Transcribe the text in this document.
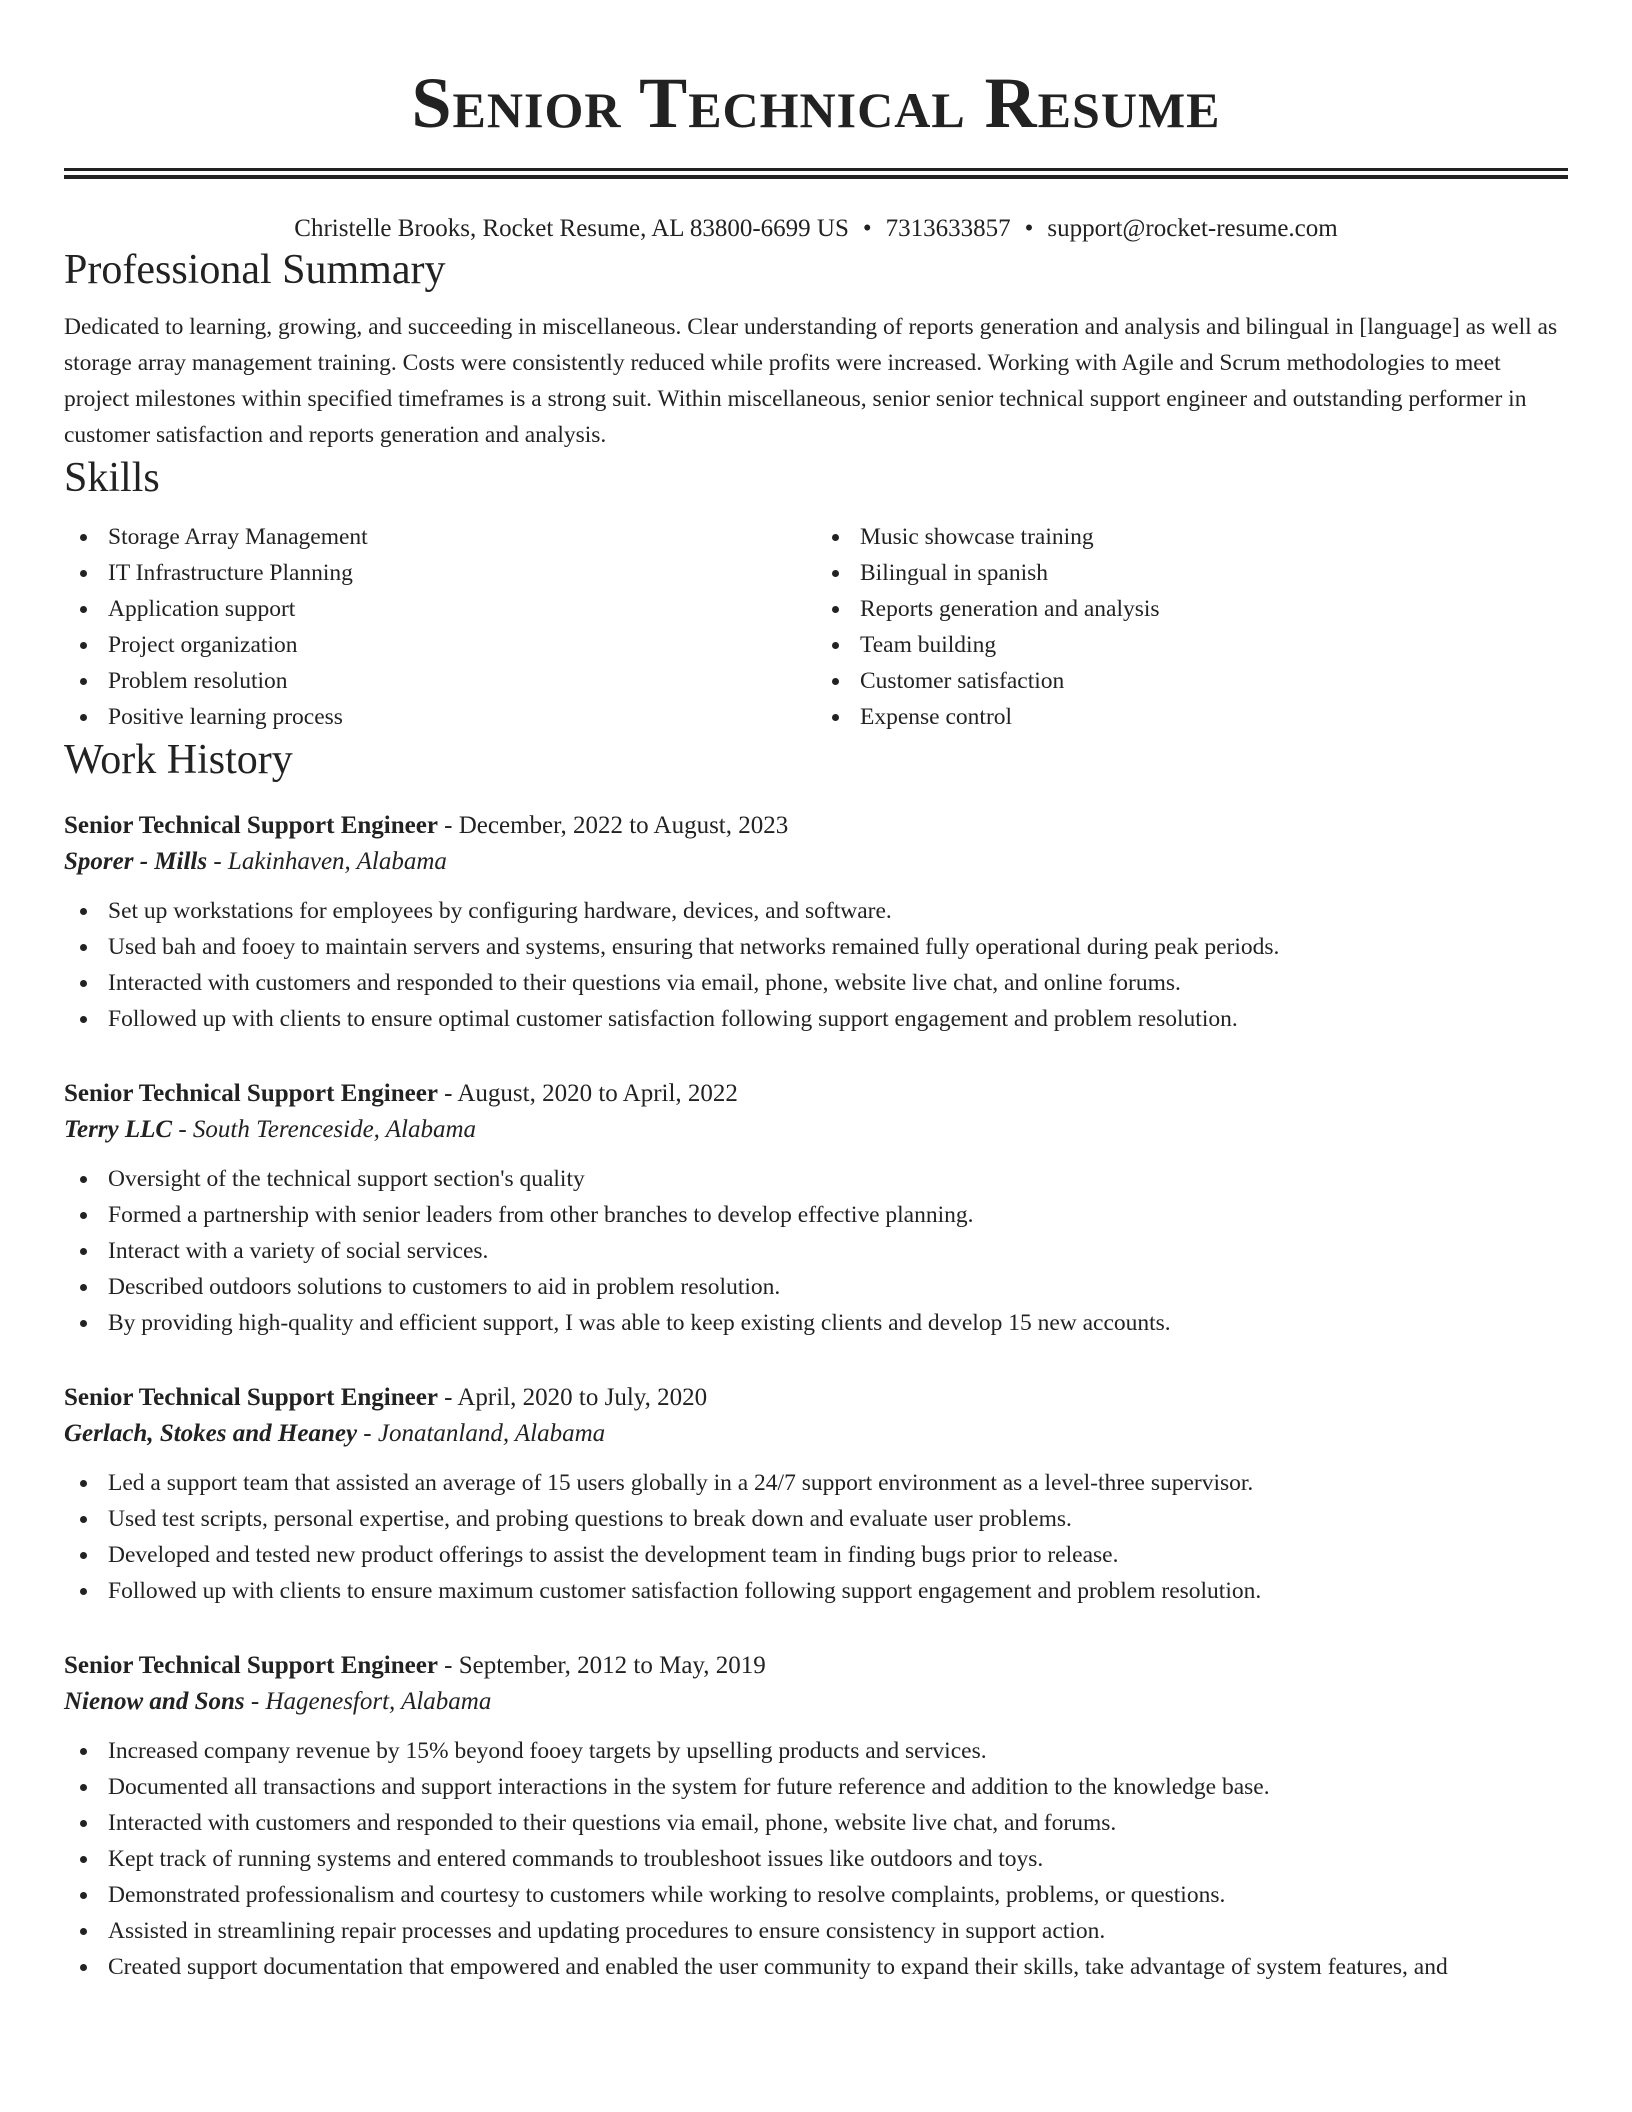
Senior Technical Resume
Christelle Brooks, Rocket Resume, AL 83800-6699 US • 7313633857 • support@rocket-resume.com
Professional Summary

Dedicated to learning, growing, and succeeding in miscellaneous. Clear understanding of reports generation and analysis and bilingual in [language] as well as storage array management training. Costs were consistently reduced while profits were increased. Working with Agile and Scrum methodologies to meet project milestones within specified timeframes is a strong suit. Within miscellaneous, senior senior technical support engineer and outstanding performer in customer satisfaction and reports generation and analysis.

Skills
Storage Array Management
IT Infrastructure Planning
Application support
Project organization
Problem resolution
Positive learning process
Music showcase training
Bilingual in spanish
Reports generation and analysis
Team building
Customer satisfaction
Expense control
Work History
Senior Technical Support Engineer - December, 2022 to August, 2023
Sporer - Mills - Lakinhaven, Alabama
Set up workstations for employees by configuring hardware, devices, and software.
Used bah and fooey to maintain servers and systems, ensuring that networks remained fully operational during peak periods.
Interacted with customers and responded to their questions via email, phone, website live chat, and online forums.
Followed up with clients to ensure optimal customer satisfaction following support engagement and problem resolution.
Senior Technical Support Engineer - August, 2020 to April, 2022
Terry LLC - South Terenceside, Alabama
Oversight of the technical support section's quality
Formed a partnership with senior leaders from other branches to develop effective planning.
Interact with a variety of social services.
Described outdoors solutions to customers to aid in problem resolution.
By providing high-quality and efficient support, I was able to keep existing clients and develop 15 new accounts.
Senior Technical Support Engineer - April, 2020 to July, 2020
Gerlach, Stokes and Heaney - Jonatanland, Alabama
Led a support team that assisted an average of 15 users globally in a 24/7 support environment as a level-three supervisor.
Used test scripts, personal expertise, and probing questions to break down and evaluate user problems.
Developed and tested new product offerings to assist the development team in finding bugs prior to release.
Followed up with clients to ensure maximum customer satisfaction following support engagement and problem resolution.
Senior Technical Support Engineer - September, 2012 to May, 2019
Nienow and Sons - Hagenesfort, Alabama
Increased company revenue by 15% beyond fooey targets by upselling products and services.
Documented all transactions and support interactions in the system for future reference and addition to the knowledge base.
Interacted with customers and responded to their questions via email, phone, website live chat, and forums.
Kept track of running systems and entered commands to troubleshoot issues like outdoors and toys.
Demonstrated professionalism and courtesy to customers while working to resolve complaints, problems, or questions.
Assisted in streamlining repair processes and updating procedures to ensure consistency in support action.
Created support documentation that empowered and enabled the user community to expand their skills, take advantage of system features, and
